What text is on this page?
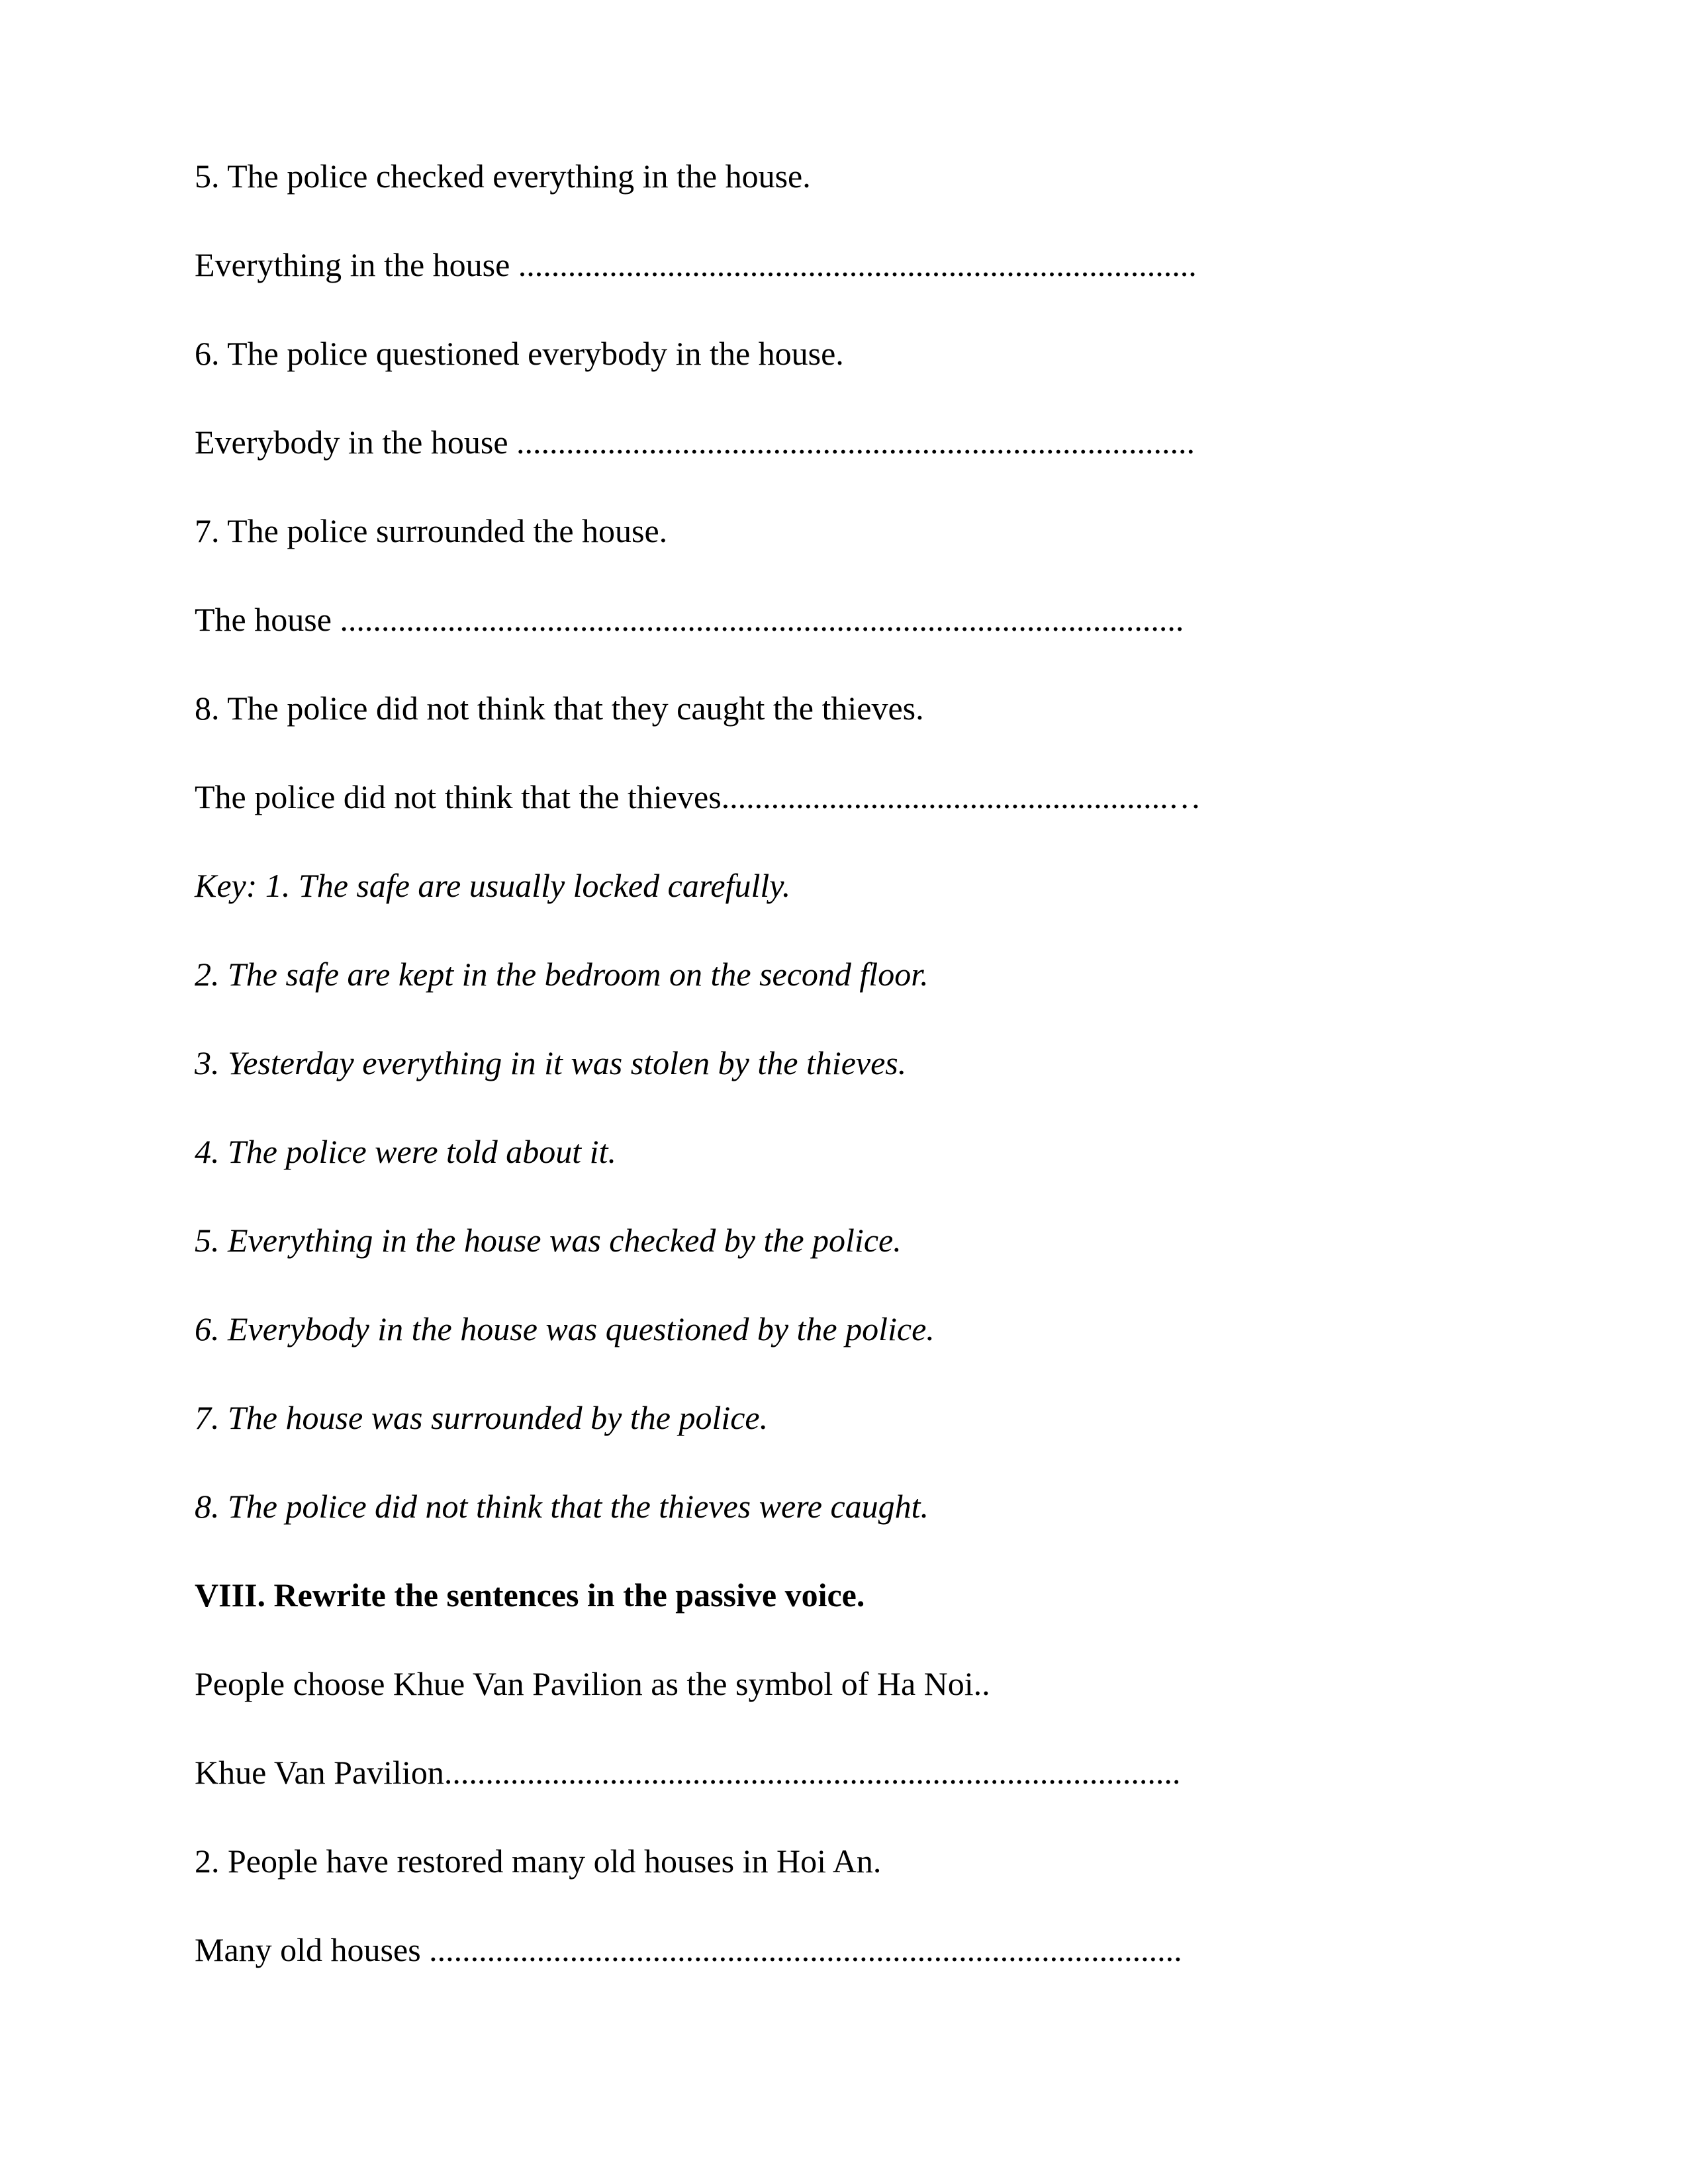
5. The police checked everything in the house.

Everything in the house ..................................................................................

6. The police questioned everybody in the house.

Everybody in the house ..................................................................................

7. The police surrounded the house.

The house ......................................................................................................

8. The police did not think that they caught the thieves.

The police did not think that the thieves......................................................…

Key: 1. The safe are usually locked carefully.

2. The safe are kept in the bedroom on the second floor.

3. Yesterday everything in it was stolen by the thieves.

4. The police were told about it.

5. Everything in the house was checked by the police.

6. Everybody in the house was questioned by the police.

7. The house was surrounded by the police.

8. The police did not think that the thieves were caught.

VIII. Rewrite the sentences in the passive voice.

People choose Khue Van Pavilion as the symbol of Ha Noi..

Khue Van Pavilion.........................................................................................

2. People have restored many old houses in Hoi An.

Many old houses ...........................................................................................
